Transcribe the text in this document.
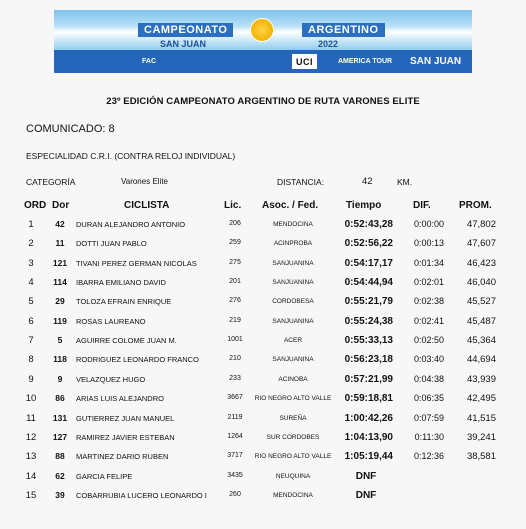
CAMPEONATO	ARGENTINO
SAN JUAN	2022
FAC	UCI	AMERICA TOUR SAN JUAN
23º EDICIÓN CAMPEONATO ARGENTINO DE RUTA VARONES ELITE
COMUNICADO: 8
ESPECIALIDAD C.R.I. (CONTRA RELOJ INDIVIDUAL)
CATEGORÍA	Varones Elite	DISTANCIA:	42	KM.
ORD Dor	CICLISTA	Lic. Asoc. / Fed.	Tiempo	DIF.	PROM.
1	42	DURAN ALEJANDRO ANTONIO	206	MENDOCINA	0:52:43,28	0:00:00	47,802
2	11	DOTTI JUAN PABLO	259	ACINPROBA	0:52:56,22	0:00:13	47,607
3	121	TIVANI PEREZ GERMAN NICOLAS	275	SANJUANINA	0:54:17,17	0:01:34	46,423
4	114	IBARRA EMILIANO DAVID	201	SANJUANINA	0:54:44,94	0:02:01	46,040
5	29	TOLOZA EFRAIN ENRIQUE	276	CORDOBESA	0:55:21,79	0:02:38	45,527
6	119	ROSAS LAUREANO	219	SANJUANINA	0:55:24,38	0:02:41	45,487
7	5	AGUIRRE COLOME JUAN M.	1001	ACER	0:55:33,13	0:02:50	45,364
8	118	RODRIGUEZ LEONARDO FRANCO	210	SANJUANINA	0:56:23,18	0:03:40	44,694
9	9	VELAZQUEZ HUGO	233	ACINOBA	0:57:21,99	0:04:38	43,939
10	86	ARIAS LUIS ALEJANDRO	3667	RIO NEGRO ALTO VALLE	0:59:18,81	0:06:35	42,495
11	131	GUTIERREZ JUAN MANUEL	2119	SUREÑA	1:00:42,26	0:07:59	41,515
12	127	RAMIREZ JAVIER ESTEBAN	1264	SUR CORDOBES	1:04:13,90	0:11:30	39,241
13	88	MARTINEZ DARIO RUBEN	3717	RIO NEGRO ALTO VALLE	1:05:19,44	0:12:36	38,581
14	62	GARCIA FELIPE	3435	NEUQUINA	DNF
15	39	COBARRUBIA LUCERO LEONARDO I	260	MENDOCINA	DNF
